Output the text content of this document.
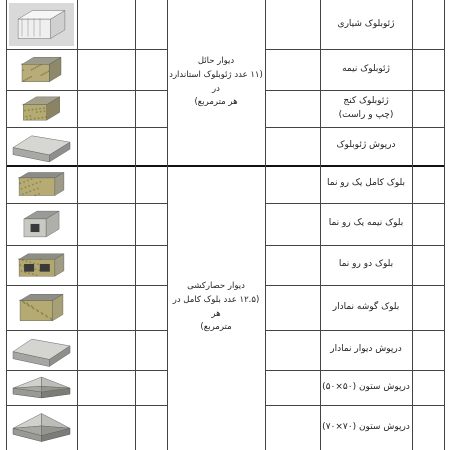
ژئوبلوک شیاری
ژئوبلوک نیمه
ژئوبلوک کنج
(چپ و راست)
درپوش ژئوبلوک
بلوک کامل یک رو نما
بلوک نیمه یک رو نما
بلوک دو رو نما
بلوک گوشه نمادار
درپوش دیوار نمادار
درپوش ستون (۵۰×۵۰)
درپوش ستون (۷۰×۷۰)
دیوار حائل
(۱۱ عدد ژئوبلوک استاندارد در
هر مترمربع)
دیوار حصارکشی
(۱۲.۵ عدد بلوک کامل در هر
مترمربع)
